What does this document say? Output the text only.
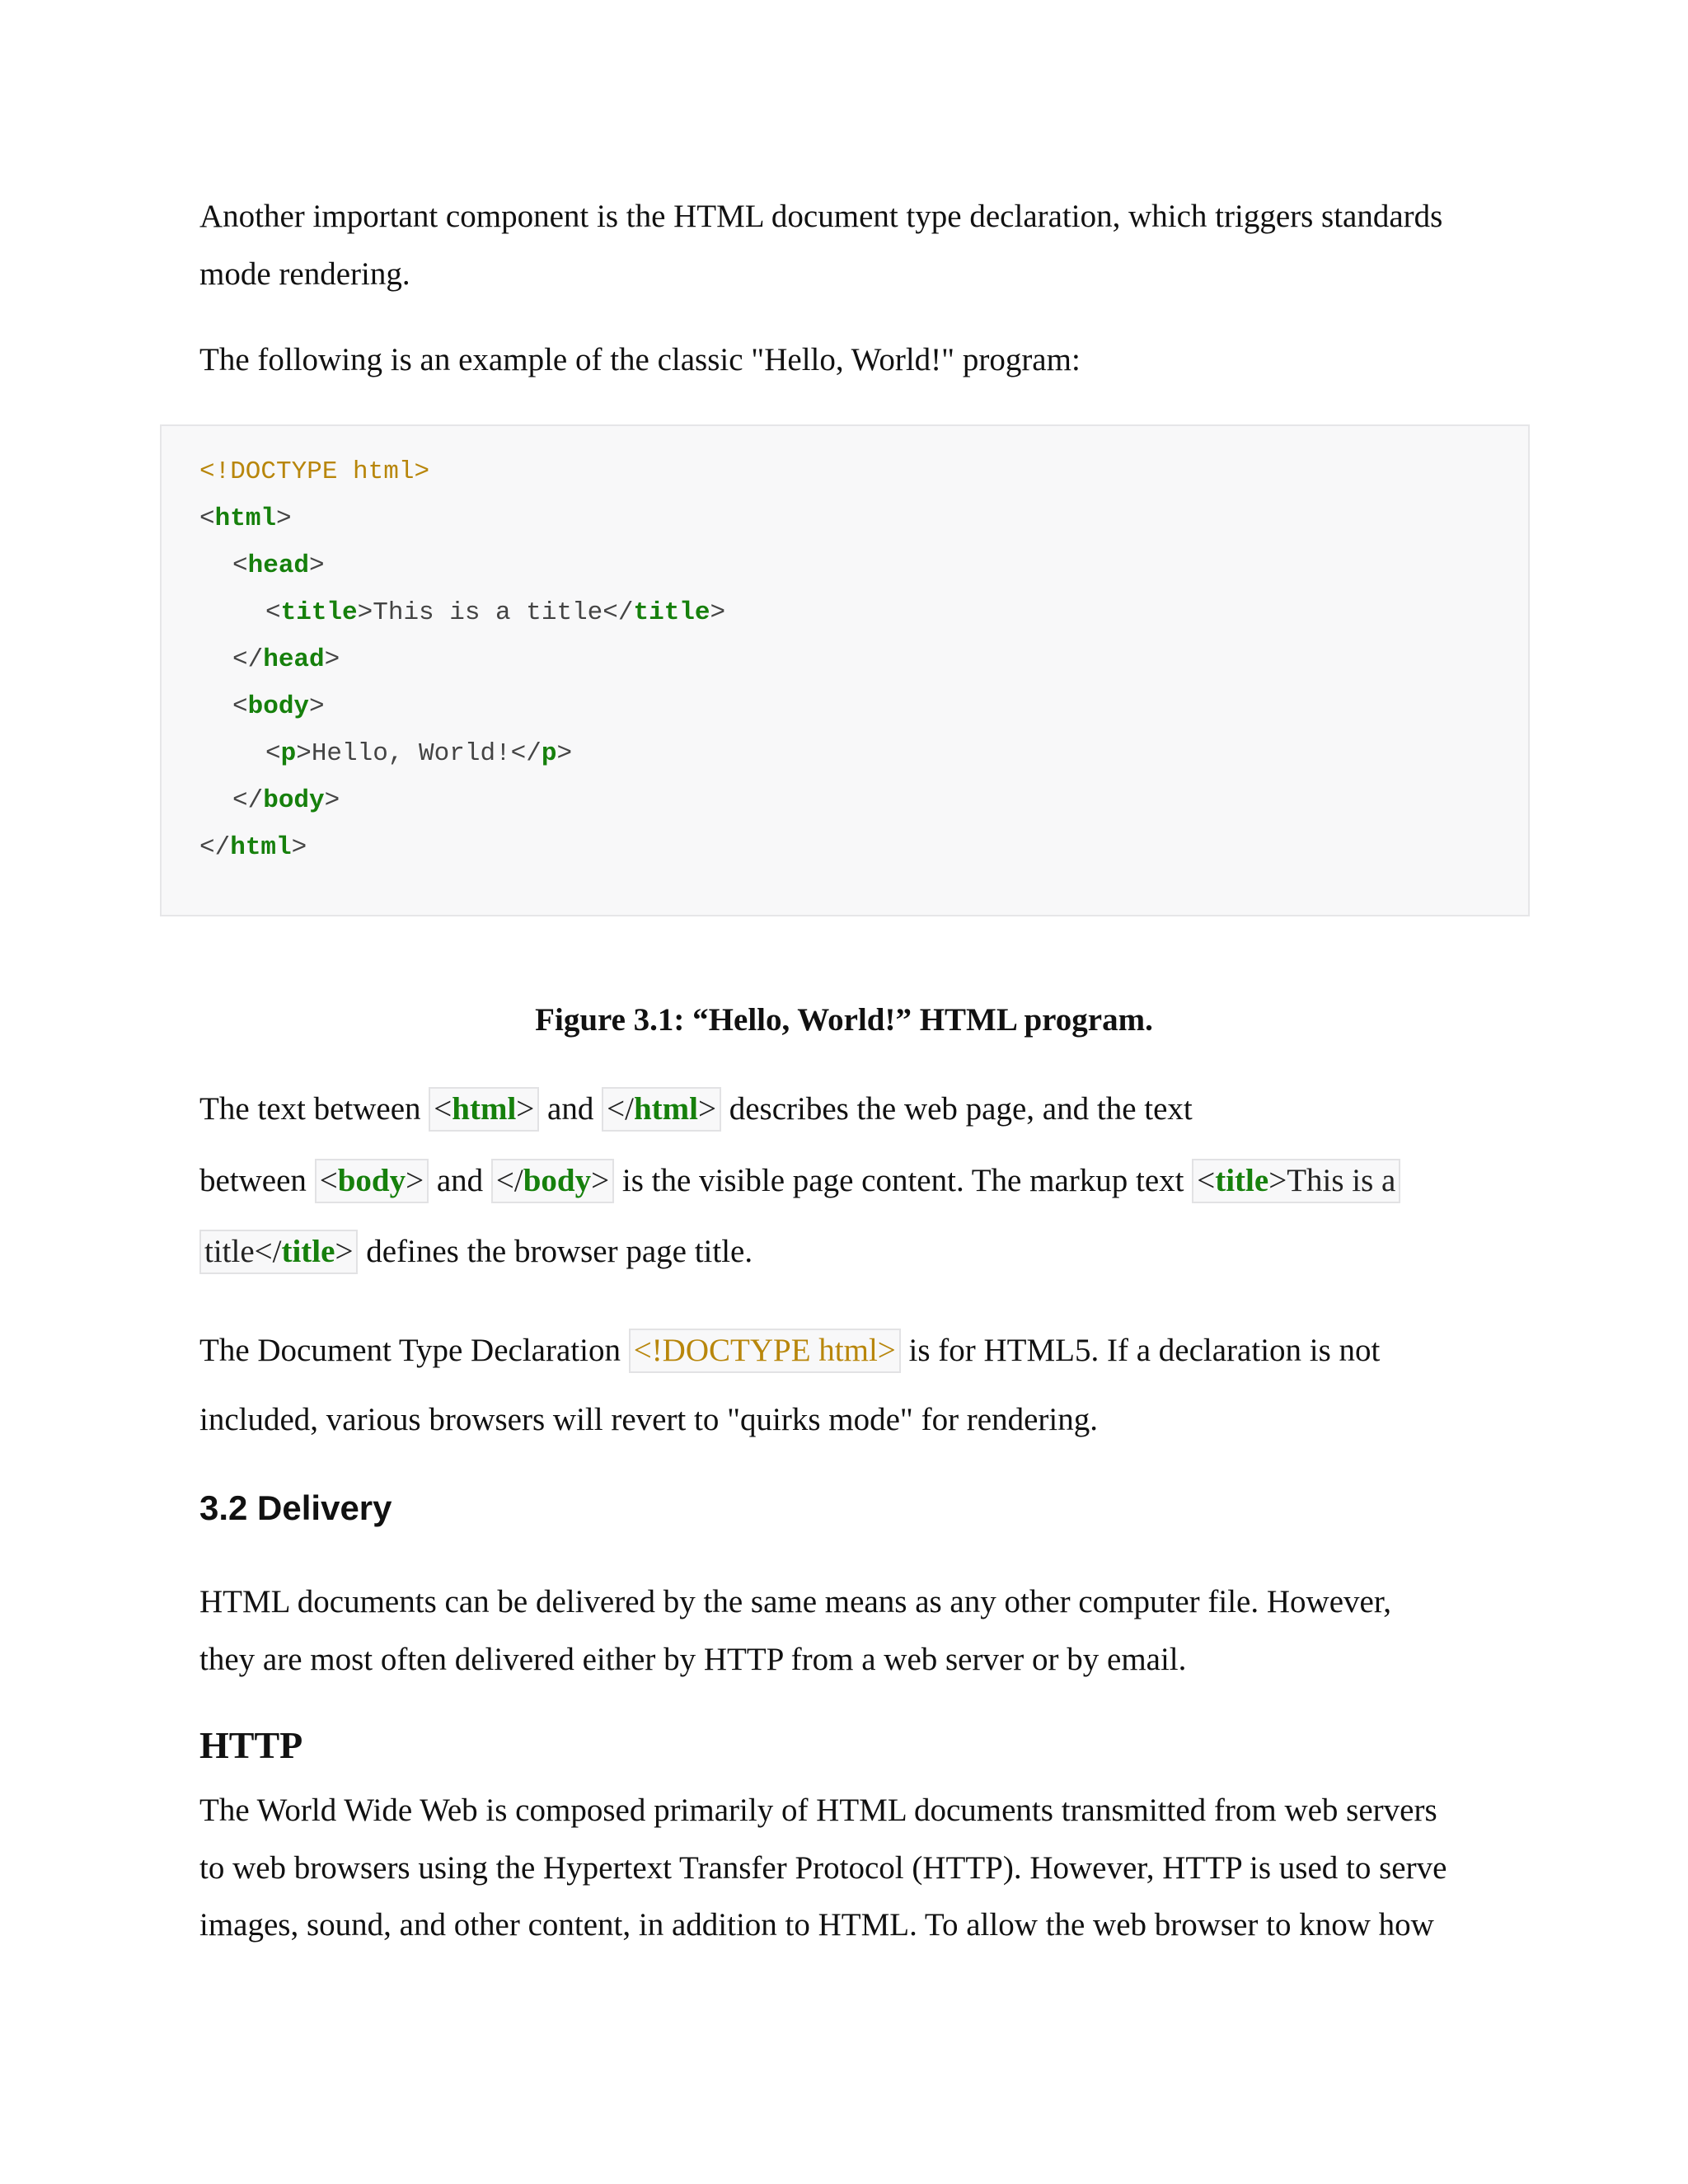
Another important component is the HTML document type declaration, which triggers standards

mode rendering.

The following is an example of the classic "Hello, World!" program:

<!DOCTYPE html>
<html>
<head>
<title>This is a title</title>
</head>
<body>
<p>Hello, World!</p>
</body>
</html>
Figure 3.1: “Hello, World!” HTML program.

The text between <html> and </html> describes the web page, and the text

between <body> and </body> is the visible page content. The markup text <title>This is a

title</title> defines the browser page title.

The Document Type Declaration <!DOCTYPE html> is for HTML5. If a declaration is not

included, various browsers will revert to "quirks mode" for rendering.

3.2 Delivery

HTML documents can be delivered by the same means as any other computer file. However,

they are most often delivered either by HTTP from a web server or by email.

HTTP

The World Wide Web is composed primarily of HTML documents transmitted from web servers

to web browsers using the Hypertext Transfer Protocol (HTTP). However, HTTP is used to serve

images, sound, and other content, in addition to HTML. To allow the web browser to know how
